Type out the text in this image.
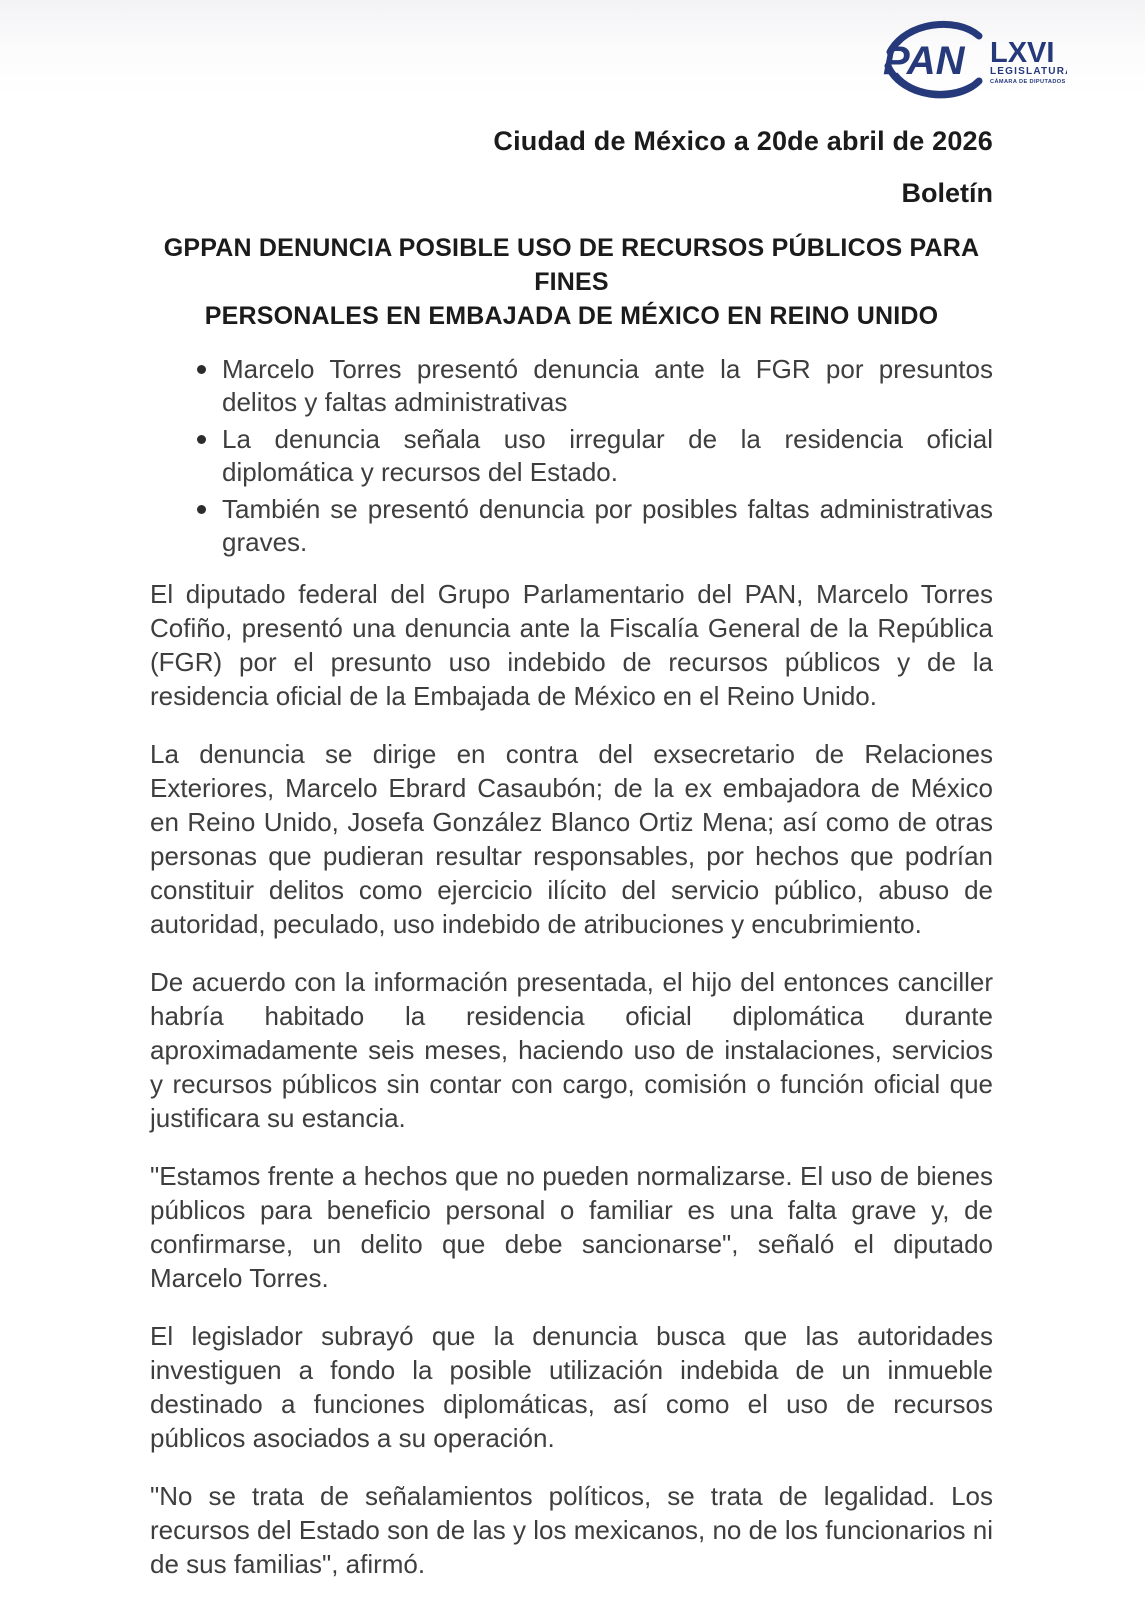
PAN LXVI
LEGISLATURA
CÁMARA DE DIPUTADOS
Ciudad de México a 20de abril de 2026
Boletín
GPPAN DENUNCIA POSIBLE USO DE RECURSOS PÚBLICOS PARA FINES
PERSONALES EN EMBAJADA DE MÉXICO EN REINO UNIDO
Marcelo Torres presentó denuncia ante la FGR por presuntos delitos y faltas administrativas
La denuncia señala uso irregular de la residencia oficial diplomática y recursos del Estado.
También se presentó denuncia por posibles faltas administrativas graves.

El diputado federal del Grupo Parlamentario del PAN, Marcelo Torres Cofiño, presentó una denuncia ante la Fiscalía General de la República (FGR) por el presunto uso indebido de recursos públicos y de la residencia oficial de la Embajada de México en el Reino Unido.

La denuncia se dirige en contra del exsecretario de Relaciones Exteriores, Marcelo Ebrard Casaubón; de la ex embajadora de México en Reino Unido, Josefa González Blanco Ortiz Mena; así como de otras personas que pudieran resultar responsables, por hechos que podrían constituir delitos como ejercicio ilícito del servicio público, abuso de autoridad, peculado, uso indebido de atribuciones y encubrimiento.

De acuerdo con la información presentada, el hijo del entonces canciller habría habitado la residencia oficial diplomática durante aproximadamente seis meses, haciendo uso de instalaciones, servicios y recursos públicos sin contar con cargo, comisión o función oficial que justificara su estancia.

"Estamos frente a hechos que no pueden normalizarse. El uso de bienes públicos para beneficio personal o familiar es una falta grave y, de confirmarse, un delito que debe sancionarse", señaló el diputado Marcelo Torres.

El legislador subrayó que la denuncia busca que las autoridades investiguen a fondo la posible utilización indebida de un inmueble destinado a funciones diplomáticas, así como el uso de recursos públicos asociados a su operación.

"No se trata de señalamientos políticos, se trata de legalidad. Los recursos del Estado son de las y los mexicanos, no de los funcionarios ni de sus familias", afirmó.
